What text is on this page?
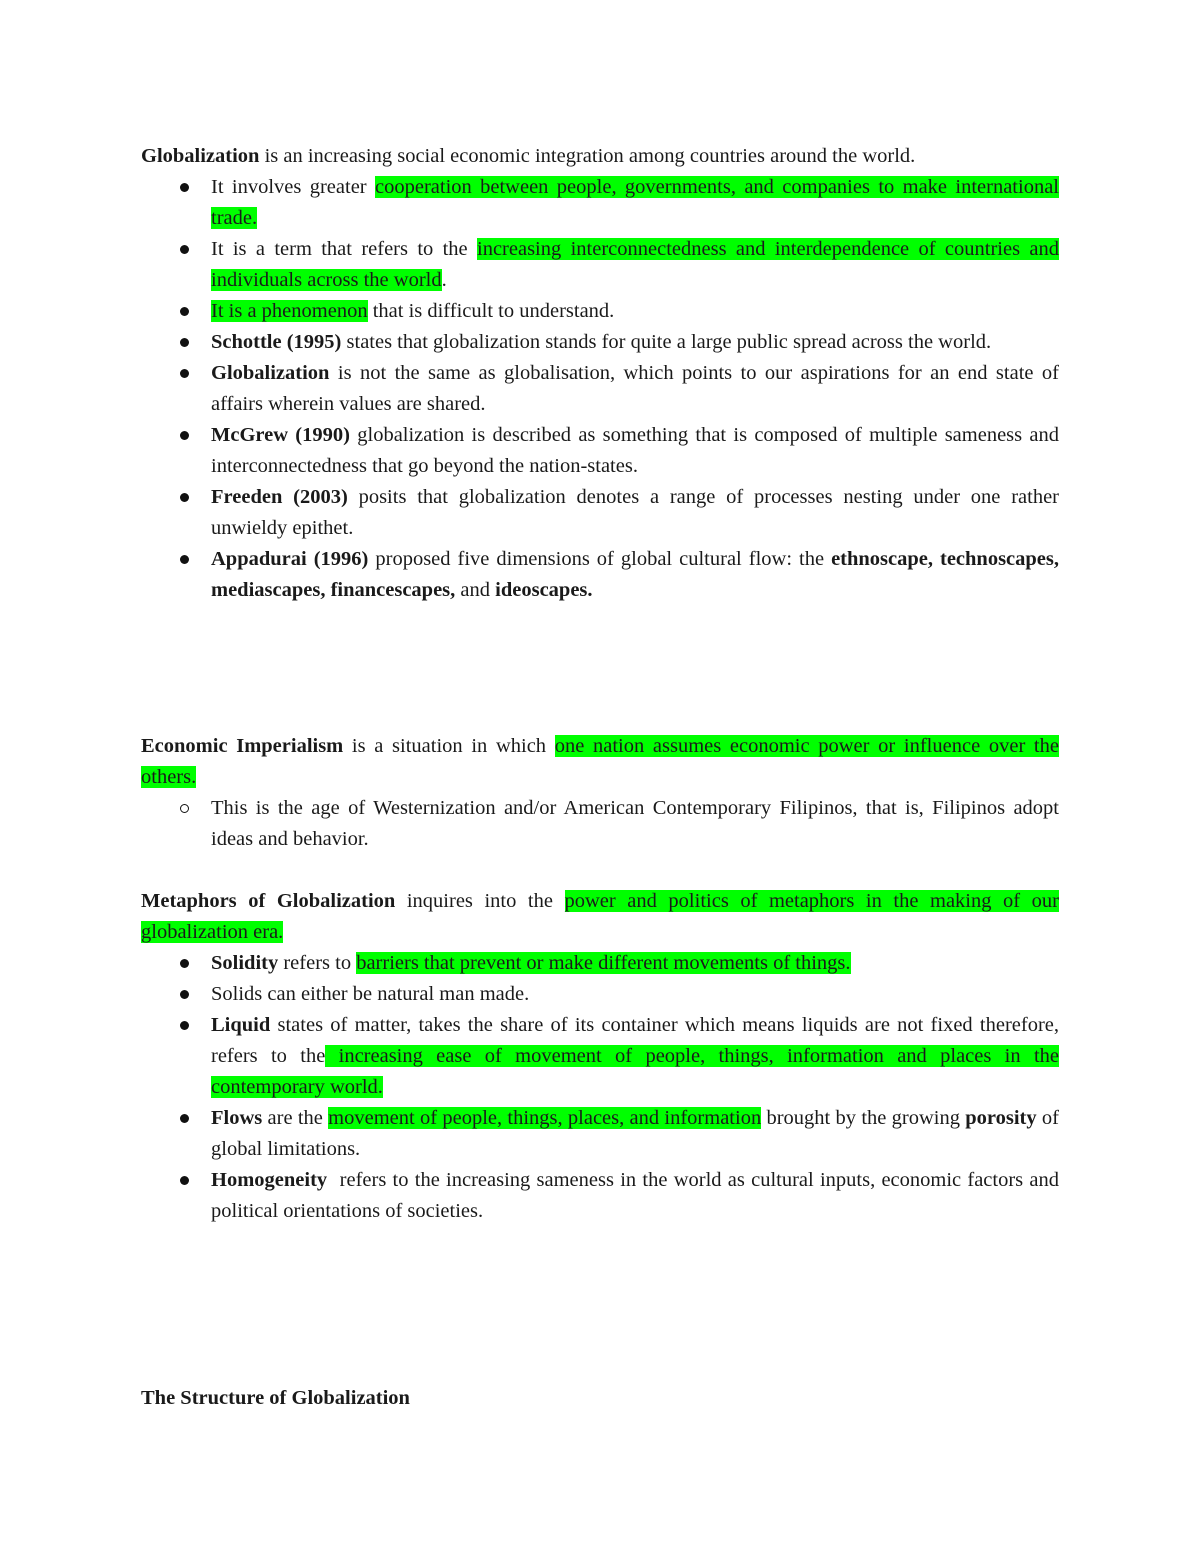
Globalization is an increasing social economic integration among countries around the world.

It involves greater cooperation between people, governments, and companies to make international trade.
It is a term that refers to the increasing interconnectedness and interdependence of countries and individuals across the world.
It is a phenomenon that is difficult to understand.
Schottle (1995) states that globalization stands for quite a large public spread across the world.
Globalization is not the same as globalisation, which points to our aspirations for an end state of affairs wherein values are shared.
McGrew (1990) globalization is described as something that is composed of multiple sameness and interconnectedness that go beyond the nation-states.
Freeden (2003) posits that globalization denotes a range of processes nesting under one rather unwieldy epithet.
Appadurai (1996) proposed five dimensions of global cultural flow: the ethnoscape, technoscapes, mediascapes, financescapes, and ideoscapes.

Economic Imperialism is a situation in which one nation assumes economic power or influence over the others.

This is the age of Westernization and/or American Contemporary Filipinos, that is, Filipinos adopt ideas and behavior.

Metaphors of Globalization inquires into the power and politics of metaphors in the making of our globalization era.

Solidity refers to barriers that prevent or make different movements of things.
Solids can either be natural man made.
Liquid states of matter, takes the share of its container which means liquids are not fixed therefore, refers to the increasing ease of movement of people, things, information and places in the contemporary world.
Flows are the movement of people, things, places, and information brought by the growing porosity of global limitations.
Homogeneity  refers to the increasing sameness in the world as cultural inputs, economic factors and political orientations of societies.
The Structure of Globalization
